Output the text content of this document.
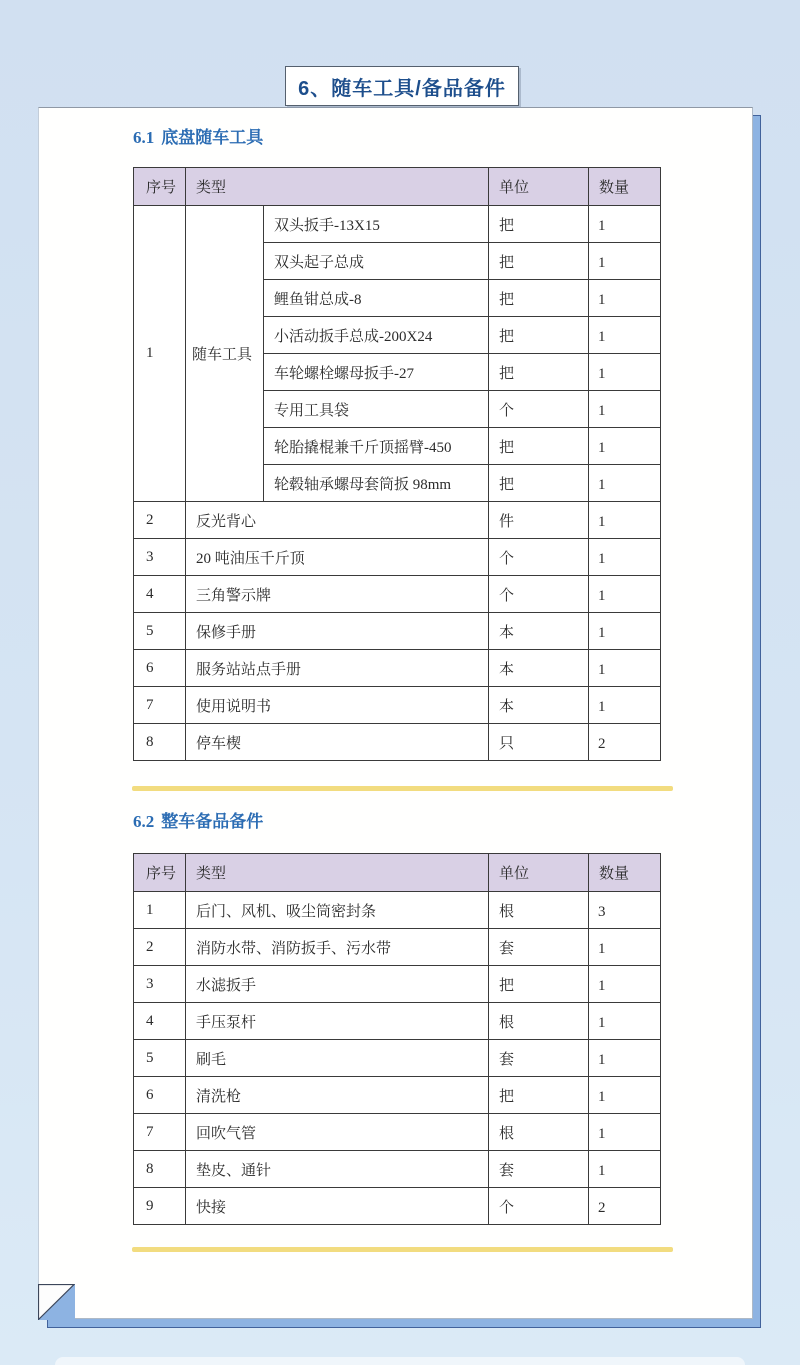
6、随车工具/备品备件
6.1 底盘随车工具
序号	类型		单位	数量
1	随车工具	双头扳手-13X15	把	1
		双头起子总成	把	1
		鲤鱼钳总成-8	把	1
		小活动扳手总成-200X24	把	1
		车轮螺栓螺母扳手-27	把	1
		专用工具袋	个	1
		轮胎撬棍兼千斤顶摇臂-450	把	1
		轮毂轴承螺母套筒扳 98mm	把	1
2	反光背心		件	1
3	20 吨油压千斤顶		个	1
4	三角警示牌		个	1
5	保修手册		本	1
6	服务站站点手册		本	1
7	使用说明书		本	1
8	停车楔		只	2
6.2 整车备品备件
序号	类型	单位	数量
1	后门、风机、吸尘筒密封条	根	3
2	消防水带、消防扳手、污水带	套	1
3	水滤扳手	把	1
4	手压泵杆	根	1
5	刷毛	套	1
6	清洗枪	把	1
7	回吹气管	根	1
8	垫皮、通针	套	1
9	快接	个	2
